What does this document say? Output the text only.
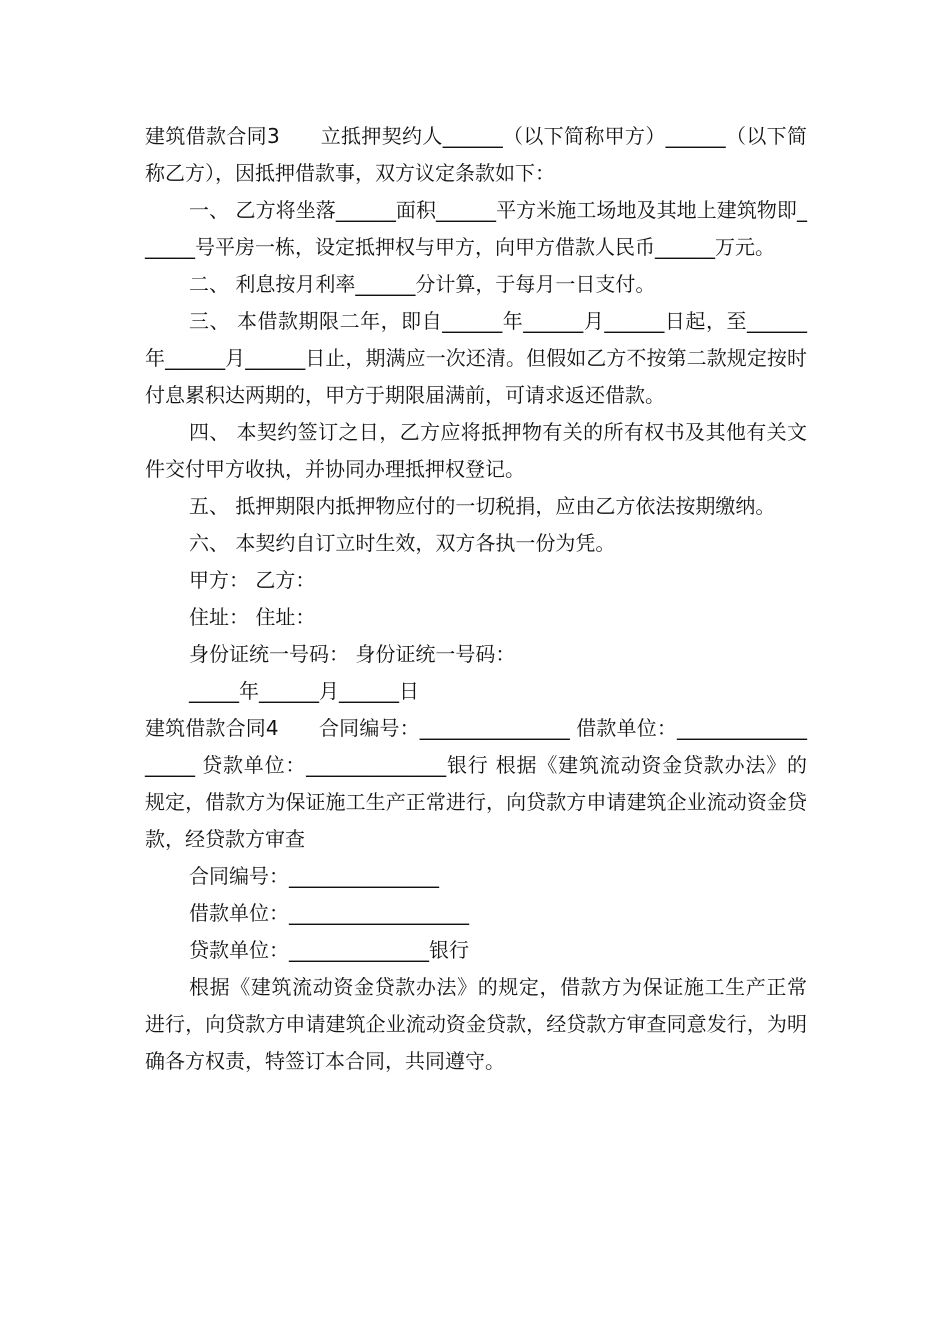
建筑借款合同3　　立抵押契约人______（以下简称甲方）______（以下简称乙方），因抵押借款事，双方议定条款如下：

一、 乙方将坐落______面积______平方米施工场地及其地上建筑物即______号平房一栋，设定抵押权与甲方，向甲方借款人民币______万元。

二、 利息按月利率______分计算，于每月一日支付。

三、 本借款期限二年，即自______年______月______日起，至______年______月______日止，期满应一次还清。但假如乙方不按第二款规定按时付息累积达两期的，甲方于期限届满前，可请求返还借款。

四、 本契约签订之日，乙方应将抵押物有关的所有权书及其他有关文件交付甲方收执，并协同办理抵押权登记。

五、 抵押期限内抵押物应付的一切税捐，应由乙方依法按期缴纳。

六、 本契约自订立时生效，双方各执一份为凭。

甲方： 乙方：

住址： 住址：

身份证统一号码： 身份证统一号码：

_____年______月______日

建筑借款合同4　　合同编号：_______________ 借款单位：__________________ 贷款单位：______________银行 根据《建筑流动资金贷款办法》的规定，借款方为保证施工生产正常进行，向贷款方申请建筑企业流动资金贷款，经贷款方审查

合同编号：_______________

借款单位：__________________

贷款单位：______________银行

根据《建筑流动资金贷款办法》的规定，借款方为保证施工生产正常进行，向贷款方申请建筑企业流动资金贷款，经贷款方审查同意发行，为明确各方权责，特签订本合同，共同遵守。
